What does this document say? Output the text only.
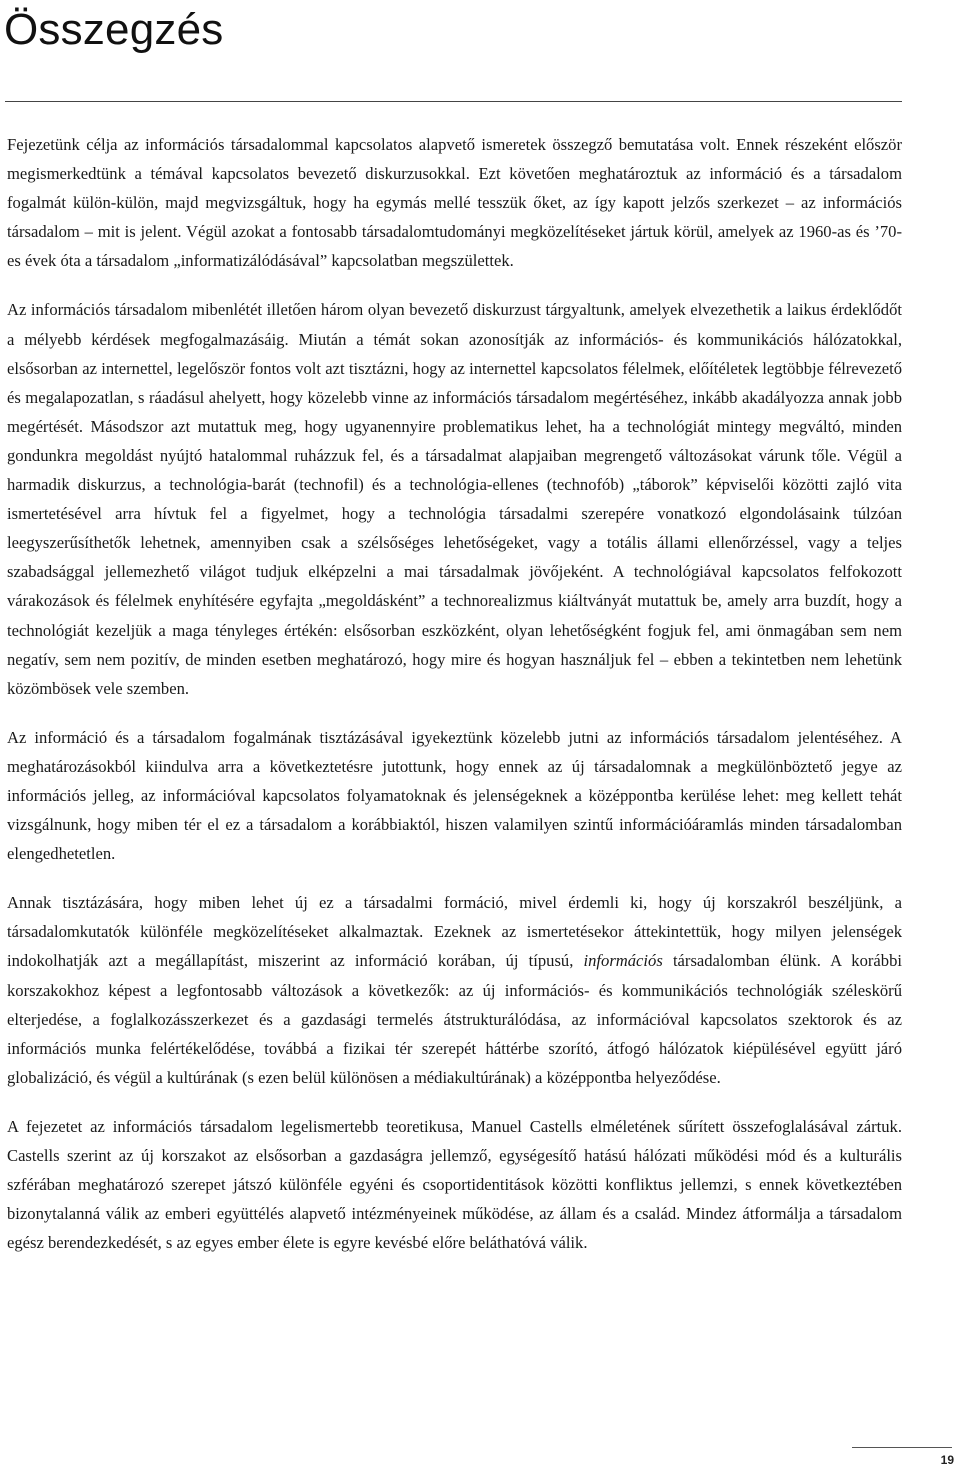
Összegzés

Fejezetünk célja az információs társadalommal kapcsolatos alapvető ismeretek összegző bemutatása volt. Ennek részeként először megismerkedtünk a témával kapcsolatos bevezető diskurzusokkal. Ezt követően meghatároztuk az információ és a társadalom fogalmát külön-külön, majd megvizsgáltuk, hogy ha egymás mellé tesszük őket, az így kapott jelzős szerkezet – az információs társadalom – mit is jelent. Végül azokat a fontosabb társadalomtudományi megközelítéseket jártuk körül, amelyek az 1960-as és ’70-es évek óta a társadalom „informatizálódásával” kapcsolatban megszülettek.

Az információs társadalom mibenlétét illetően három olyan bevezető diskurzust tárgyaltunk, amelyek elvezethetik a laikus érdeklődőt a mélyebb kérdések megfogalmazásáig. Miután a témát sokan azonosítják az információs- és kommunikációs hálózatokkal, elsősorban az internettel, legelőször fontos volt azt tisztázni, hogy az internettel kapcsolatos félelmek, előítéletek legtöbbje félrevezető és megalapozatlan, s ráadásul ahelyett, hogy közelebb vinne az információs társadalom megértéséhez, inkább akadályozza annak jobb megértését. Másodszor azt mutattuk meg, hogy ugyanennyire problematikus lehet, ha a technológiát mintegy megváltó, minden gondunkra megoldást nyújtó hatalommal ruházzuk fel, és a társadalmat alapjaiban megrengető változásokat várunk tőle. Végül a harmadik diskurzus, a technológia-barát (technofil) és a technológia-ellenes (technofób) „táborok” képviselői közötti zajló vita ismertetésével arra hívtuk fel a figyelmet, hogy a technológia társadalmi szerepére vonatkozó elgondolásaink túlzóan leegyszerűsíthetők lehetnek, amennyiben csak a szélsőséges lehetőségeket, vagy a totális állami ellenőrzéssel, vagy a teljes szabadsággal jellemezhető világot tudjuk elképzelni a mai társadalmak jövőjeként. A technológiával kapcsolatos felfokozott várakozások és félelmek enyhítésére egyfajta „megoldásként” a technorealizmus kiáltványát mutattuk be, amely arra buzdít, hogy a technológiát kezeljük a maga tényleges értékén: elsősorban eszközként, olyan lehetőségként fogjuk fel, ami önmagában sem nem negatív, sem nem pozitív, de minden esetben meghatározó, hogy mire és hogyan használjuk fel – ebben a tekintetben nem lehetünk közömbösek vele szemben.

Az információ és a társadalom fogalmának tisztázásával igyekeztünk közelebb jutni az információs társadalom jelentéséhez. A meghatározásokból kiindulva arra a következtetésre jutottunk, hogy ennek az új társadalomnak a megkülönböztető jegye az információs jelleg, az információval kapcsolatos folyamatoknak és jelenségeknek a középpontba kerülése lehet: meg kellett tehát vizsgálnunk, hogy miben tér el ez a társadalom a korábbiaktól, hiszen valamilyen szintű információáramlás minden társadalomban elengedhetetlen.

Annak tisztázására, hogy miben lehet új ez a társadalmi formáció, mivel érdemli ki, hogy új korszakról beszéljünk, a társadalomkutatók különféle megközelítéseket alkalmaztak. Ezeknek az ismertetésekor áttekintettük, hogy milyen jelenségek indokolhatják azt a megállapítást, miszerint az információ korában, új típusú, információs társadalomban élünk. A korábbi korszakokhoz képest a legfontosabb változások a következők: az új információs- és kommunikációs technológiák széleskörű elterjedése, a foglalkozásszerkezet és a gazdasági termelés átstrukturálódása, az információval kapcsolatos szektorok és az információs munka felértékelődése, továbbá a fizikai tér szerepét háttérbe szorító, átfogó hálózatok kiépülésével együtt járó globalizáció, és végül a kultúrának (s ezen belül különösen a médiakultúrának) a középpontba helyeződése.

A fejezetet az információs társadalom legelismertebb teoretikusa, Manuel Castells elméletének sűrített összefoglalásával zártuk. Castells szerint az új korszakot az elsősorban a gazdaságra jellemző, egységesítő hatású hálózati működési mód és a kulturális szférában meghatározó szerepet játszó különféle egyéni és csoportidentitások közötti konfliktus jellemzi, s ennek következtében bizonytalanná válik az emberi együttélés alapvető intézményeinek működése, az állam és a család. Mindez átformálja a társadalom egész berendezkedését, s az egyes ember élete is egyre kevésbé előre beláthatóvá válik.

19
